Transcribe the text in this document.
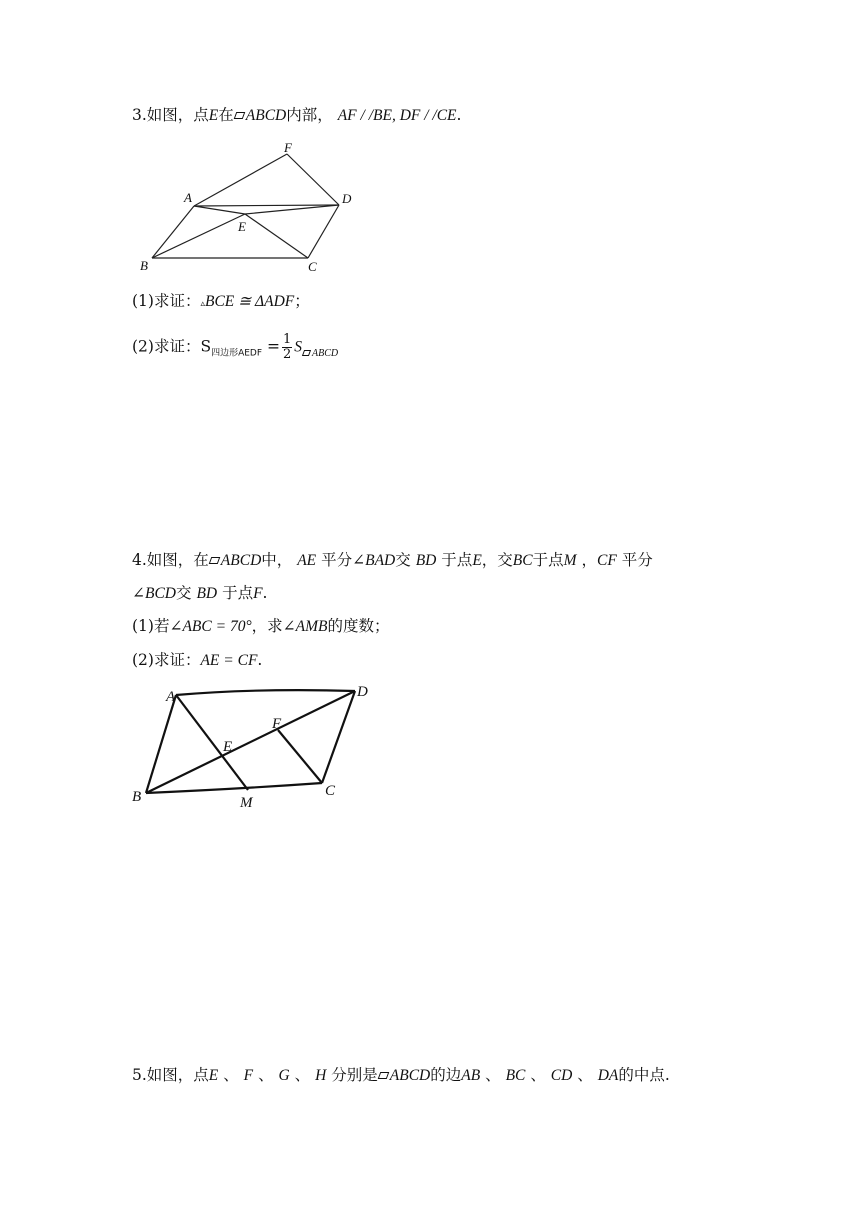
3.如图，点E在 ABCD内部， AF / /BE, DF / /CE.
A
B	C
D
E
F
(1)求证：▵BCE ≅ ΔADF；
(2)求证：$S_{四边形AEDF} = \frac{1}{2}$ S $_{ABCD}$
4.如图，在 ABCD中， AE 平分∠BAD交 BD 于点E，交BC于点M ，CF 平分
∠BCD交 BD 于点F.
(1)若∠ABC = 70°，求∠AMB的度数；
(2)求证：AE = CF.
A
B	C
D
E
F
M
5.如图，点E 、 F 、 G 、 H 分别是 ABCD的边AB 、 BC 、 CD 、 DA的中点.
